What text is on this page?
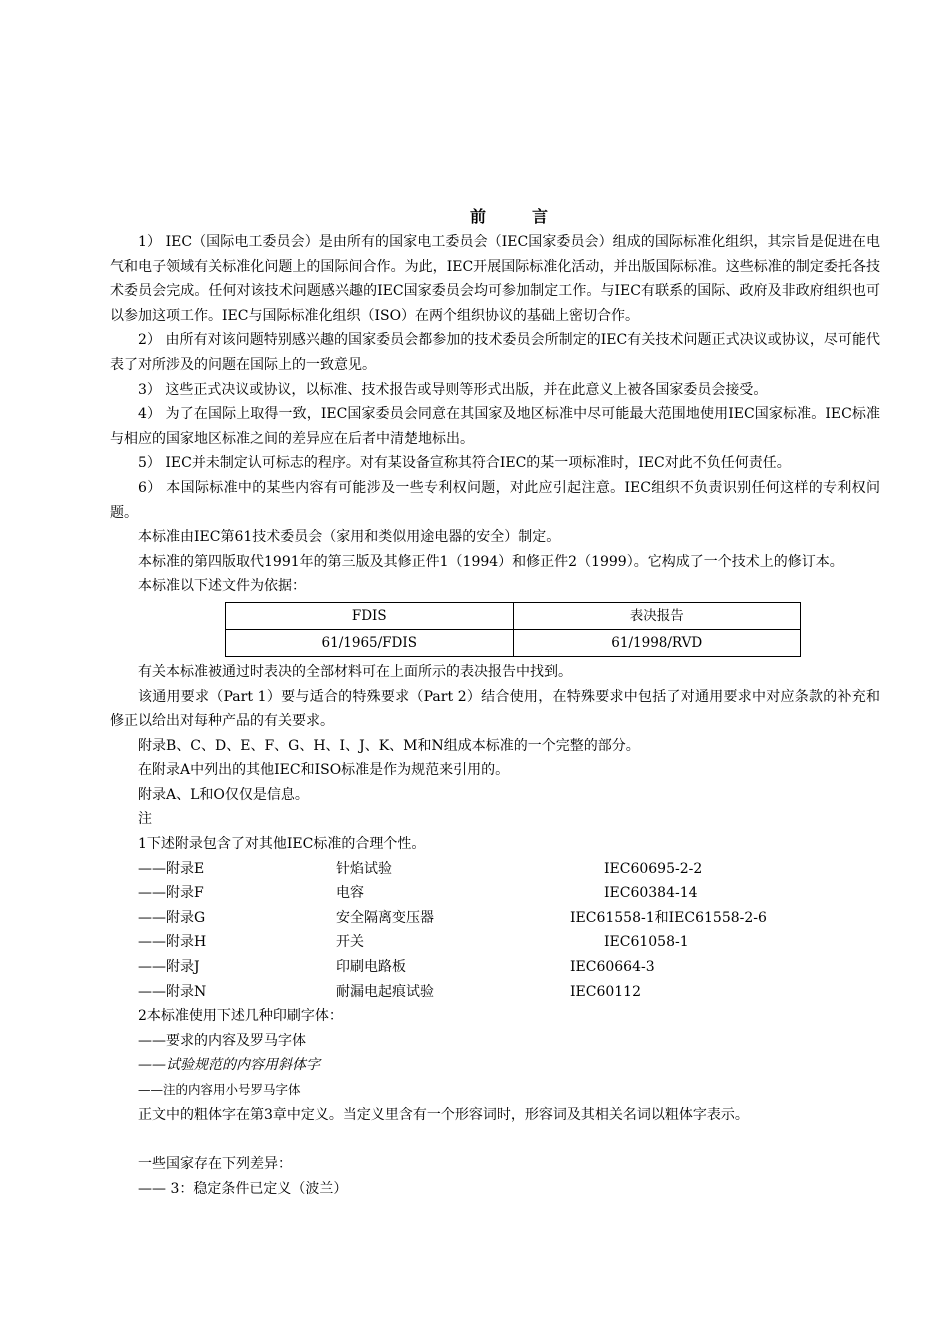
前	言

1） IEC（国际电工委员会）是由所有的国家电工委员会（IEC国家委员会）组成的国际标准化组织，其宗旨是促进在电气和电子领域有关标准化问题上的国际间合作。为此，IEC开展国际标准化活动，并出版国际标准。这些标准的制定委托各技术委员会完成。任何对该技术问题感兴趣的IEC国家委员会均可参加制定工作。与IEC有联系的国际、政府及非政府组织也可以参加这项工作。IEC与国际标准化组织（ISO）在两个组织协议的基础上密切合作。

2） 由所有对该问题特别感兴趣的国家委员会都参加的技术委员会所制定的IEC有关技术问题正式决议或协议，尽可能代表了对所涉及的问题在国际上的一致意见。

3） 这些正式决议或协议，以标准、技术报告或导则等形式出版，并在此意义上被各国家委员会接受。

4） 为了在国际上取得一致，IEC国家委员会同意在其国家及地区标准中尽可能最大范围地使用IEC国家标准。IEC标准与相应的国家地区标准之间的差异应在后者中清楚地标出。

5） IEC并未制定认可标志的程序。对有某设备宣称其符合IEC的某一项标准时，IEC对此不负任何责任。

6） 本国际标准中的某些内容有可能涉及一些专利权问题，对此应引起注意。IEC组织不负责识别任何这样的专利权问题。

本标准由IEC第61技术委员会（家用和类似用途电器的安全）制定。

本标准的第四版取代1991年的第三版及其修正件1（1994）和修正件2（1999）。它构成了一个技术上的修订本。

本标准以下述文件为依据：

FDIS	表决报告
61/1965/FDIS	61/1998/RVD

有关本标准被通过时表决的全部材料可在上面所示的表决报告中找到。

该通用要求（Part 1）要与适合的特殊要求（Part 2）结合使用，在特殊要求中包括了对通用要求中对应条款的补充和修正以给出对每种产品的有关要求。

附录B、C、D、E、F、G、H、I、J、K、M和N组成本标准的一个完整的部分。

在附录A中列出的其他IEC和ISO标准是作为规范来引用的。

附录A、L和O仅仅是信息。

注

1下述附录包含了对其他IEC标准的合理个性。

——附录E	针焰试验	IEC60695-2-2
——附录F	电容	IEC60384-14
——附录G	安全隔离变压器	IEC61558-1和IEC61558-2-6
——附录H	开关	IEC61058-1
——附录J	印刷电路板	IEC60664-3
——附录N	耐漏电起痕试验	IEC60112

2本标准使用下述几种印刷字体：

——要求的内容及罗马字体
——试验规范的内容用斜体字
——注的内容用小号罗马字体

正文中的粗体字在第3章中定义。当定义里含有一个形容词时，形容词及其相关名词以粗体字表示。

一些国家存在下列差异：

—— 3：稳定条件已定义（波兰）
